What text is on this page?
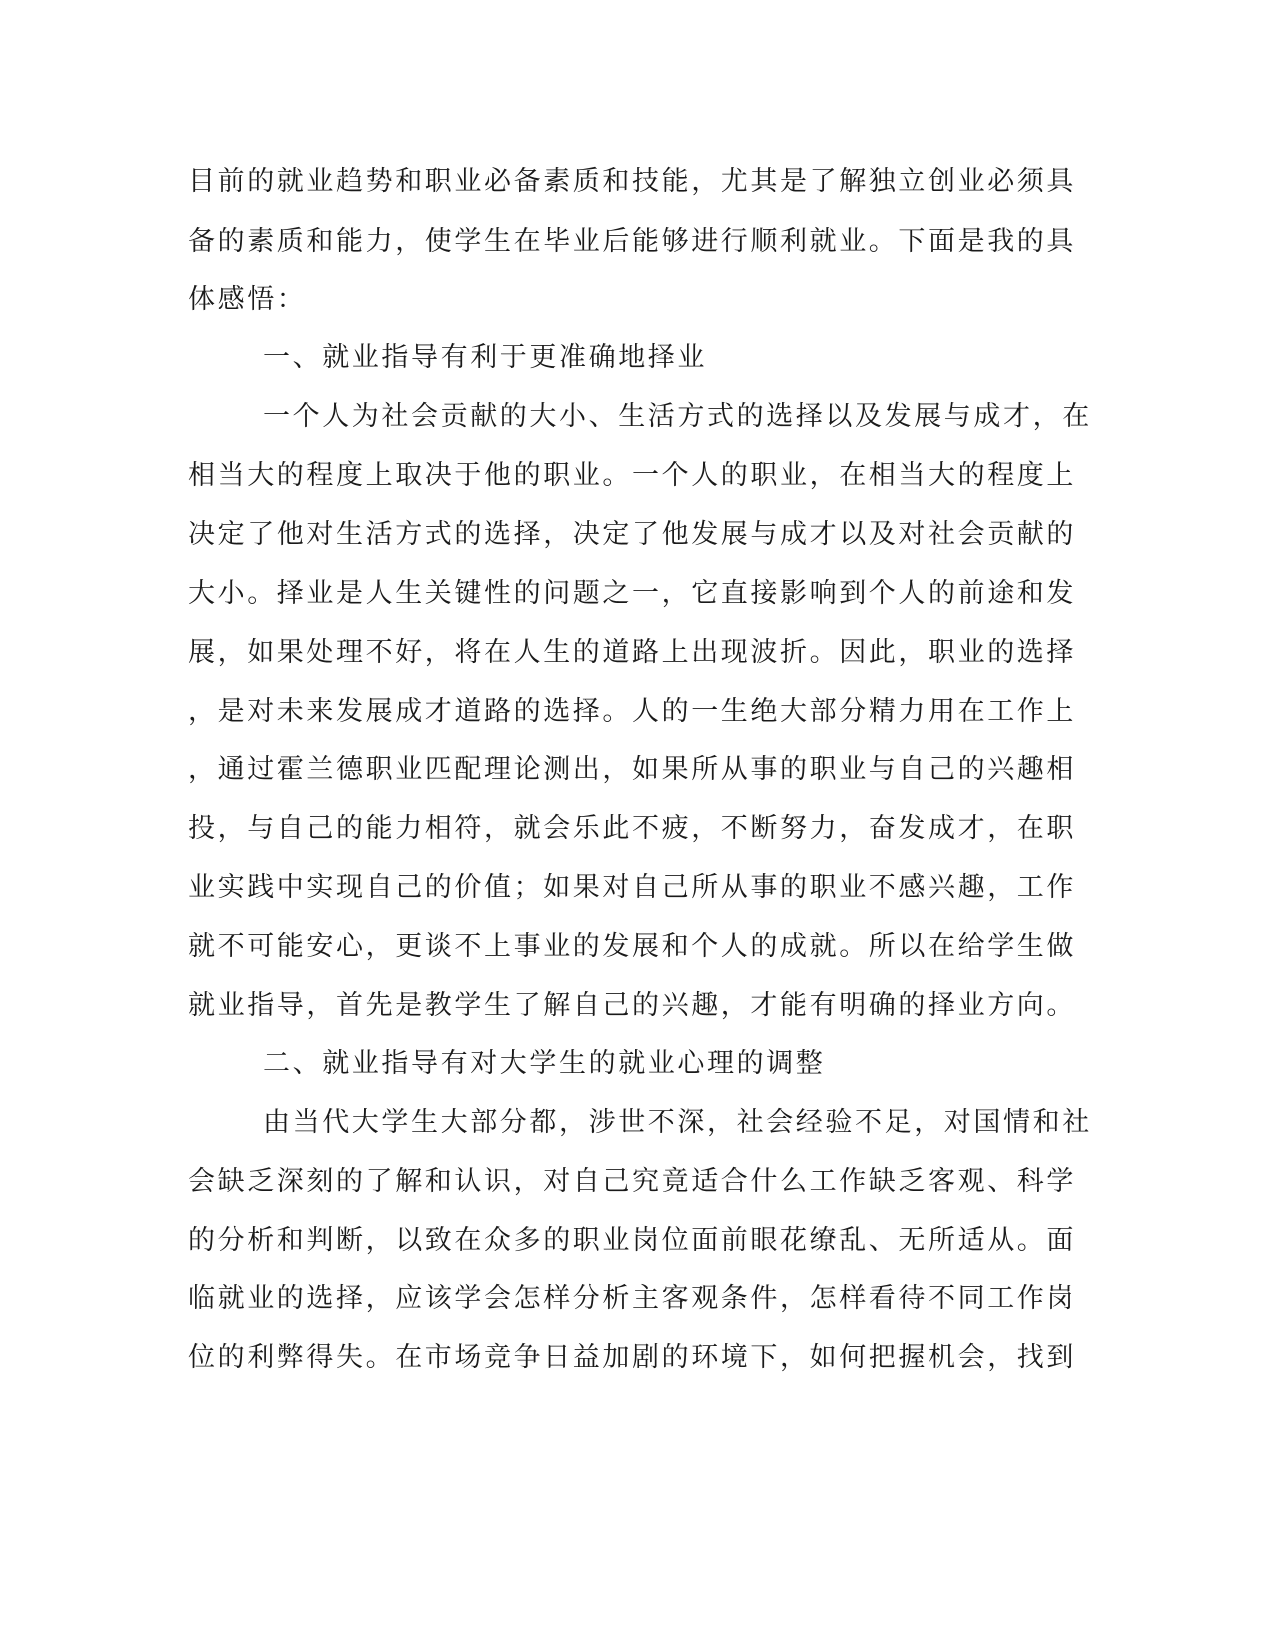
目前的就业趋势和职业必备素质和技能，尤其是了解独立创业必须具
备的素质和能力，使学生在毕业后能够进行顺利就业。下面是我的具
体感悟：
一、就业指导有利于更准确地择业
一个人为社会贡献的大小、生活方式的选择以及发展与成才，在
相当大的程度上取决于他的职业。一个人的职业，在相当大的程度上
决定了他对生活方式的选择，决定了他发展与成才以及对社会贡献的
大小。择业是人生关键性的问题之一，它直接影响到个人的前途和发
展，如果处理不好，将在人生的道路上出现波折。因此，职业的选择
，是对未来发展成才道路的选择。人的一生绝大部分精力用在工作上
，通过霍兰德职业匹配理论测出，如果所从事的职业与自己的兴趣相
投，与自己的能力相符，就会乐此不疲，不断努力，奋发成才，在职
业实践中实现自己的价值；如果对自己所从事的职业不感兴趣，工作
就不可能安心，更谈不上事业的发展和个人的成就。所以在给学生做
就业指导，首先是教学生了解自己的兴趣，才能有明确的择业方向。
二、就业指导有对大学生的就业心理的调整
由当代大学生大部分都，涉世不深，社会经验不足，对国情和社
会缺乏深刻的了解和认识，对自己究竟适合什么工作缺乏客观、科学
的分析和判断，以致在众多的职业岗位面前眼花缭乱、无所适从。面
临就业的选择，应该学会怎样分析主客观条件，怎样看待不同工作岗
位的利弊得失。在市场竞争日益加剧的环境下，如何把握机会，找到
